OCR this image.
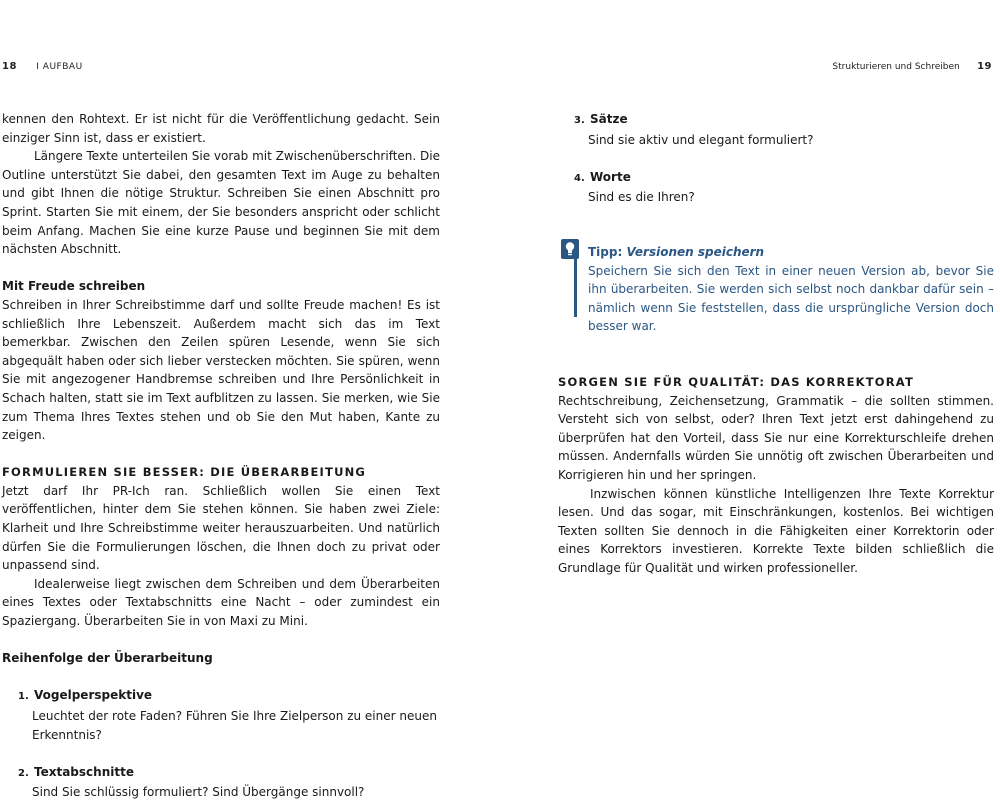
18 I AUFBAU	Strukturieren und Schreiben 19

kennen den Rohtext. Er ist nicht für die Veröffentlichung gedacht. Sein einziger Sinn ist, dass er existiert.

Längere Texte unterteilen Sie vorab mit Zwischenüberschriften. Die Outline unterstützt Sie dabei, den gesamten Text im Auge zu behalten und gibt Ihnen die nötige Struktur. Schreiben Sie einen Abschnitt pro Sprint. Starten Sie mit einem, der Sie besonders anspricht oder schlicht beim Anfang. Machen Sie eine kurze Pause und beginnen Sie mit dem nächsten Abschnitt.

Mit Freude schreiben

Schreiben in Ihrer Schreibstimme darf und sollte Freude machen! Es ist schließlich Ihre Lebenszeit. Außerdem macht sich das im Text bemerkbar. Zwischen den Zeilen spüren Lesende, wenn Sie sich abgequält haben oder sich lieber verstecken möchten. Sie spüren, wenn Sie mit angezogener Handbremse schreiben und Ihre Persönlichkeit in Schach halten, statt sie im Text aufblitzen zu lassen. Sie merken, wie Sie zum Thema Ihres Textes stehen und ob Sie den Mut haben, Kante zu zeigen.

FORMULIEREN SIE BESSER: DIE ÜBERARBEITUNG

Jetzt darf Ihr PR-Ich ran. Schließlich wollen Sie einen Text veröffentlichen, hinter dem Sie stehen können. Sie haben zwei Ziele: Klarheit und Ihre Schreibstimme weiter herauszuarbeiten. Und natürlich dürfen Sie die Formulierungen löschen, die Ihnen doch zu privat oder unpassend sind.

Idealerweise liegt zwischen dem Schreiben und dem Überarbeiten eines Textes oder Textabschnitts eine Nacht – oder zumindest ein Spaziergang. Überarbeiten Sie in von Maxi zu Mini.

Reihenfolge der Überarbeitung
1. Vogelperspektive
Leuchtet der rote Faden? Führen Sie Ihre Zielperson zu einer neuen Erkenntnis?
2. Textabschnitte
Sind Sie schlüssig formuliert? Sind Übergänge sinnvoll?
3. Sätze
Sind sie aktiv und elegant formuliert?
4. Worte
Sind es die Ihren?
Tipp: Versionen speichern

Speichern Sie sich den Text in einer neuen Version ab, bevor Sie ihn überarbeiten. Sie werden sich selbst noch dankbar dafür sein – nämlich wenn Sie feststellen, dass die ursprüngliche Version doch besser war.

SORGEN SIE FÜR QUALITÄT: DAS KORREKTORAT

Rechtschreibung, Zeichensetzung, Grammatik – die sollten stimmen. Versteht sich von selbst, oder? Ihren Text jetzt erst dahingehend zu überprüfen hat den Vorteil, dass Sie nur eine Korrekturschleife drehen müssen. Andernfalls würden Sie unnötig oft zwischen Überarbeiten und Korrigieren hin und her springen.

Inzwischen können künstliche Intelligenzen Ihre Texte Korrektur lesen. Und das sogar, mit Einschränkungen, kostenlos. Bei wichtigen Texten sollten Sie dennoch in die Fähigkeiten einer Korrektorin oder eines Korrektors investieren. Korrekte Texte bilden schließlich die Grundlage für Qualität und wirken professioneller.
